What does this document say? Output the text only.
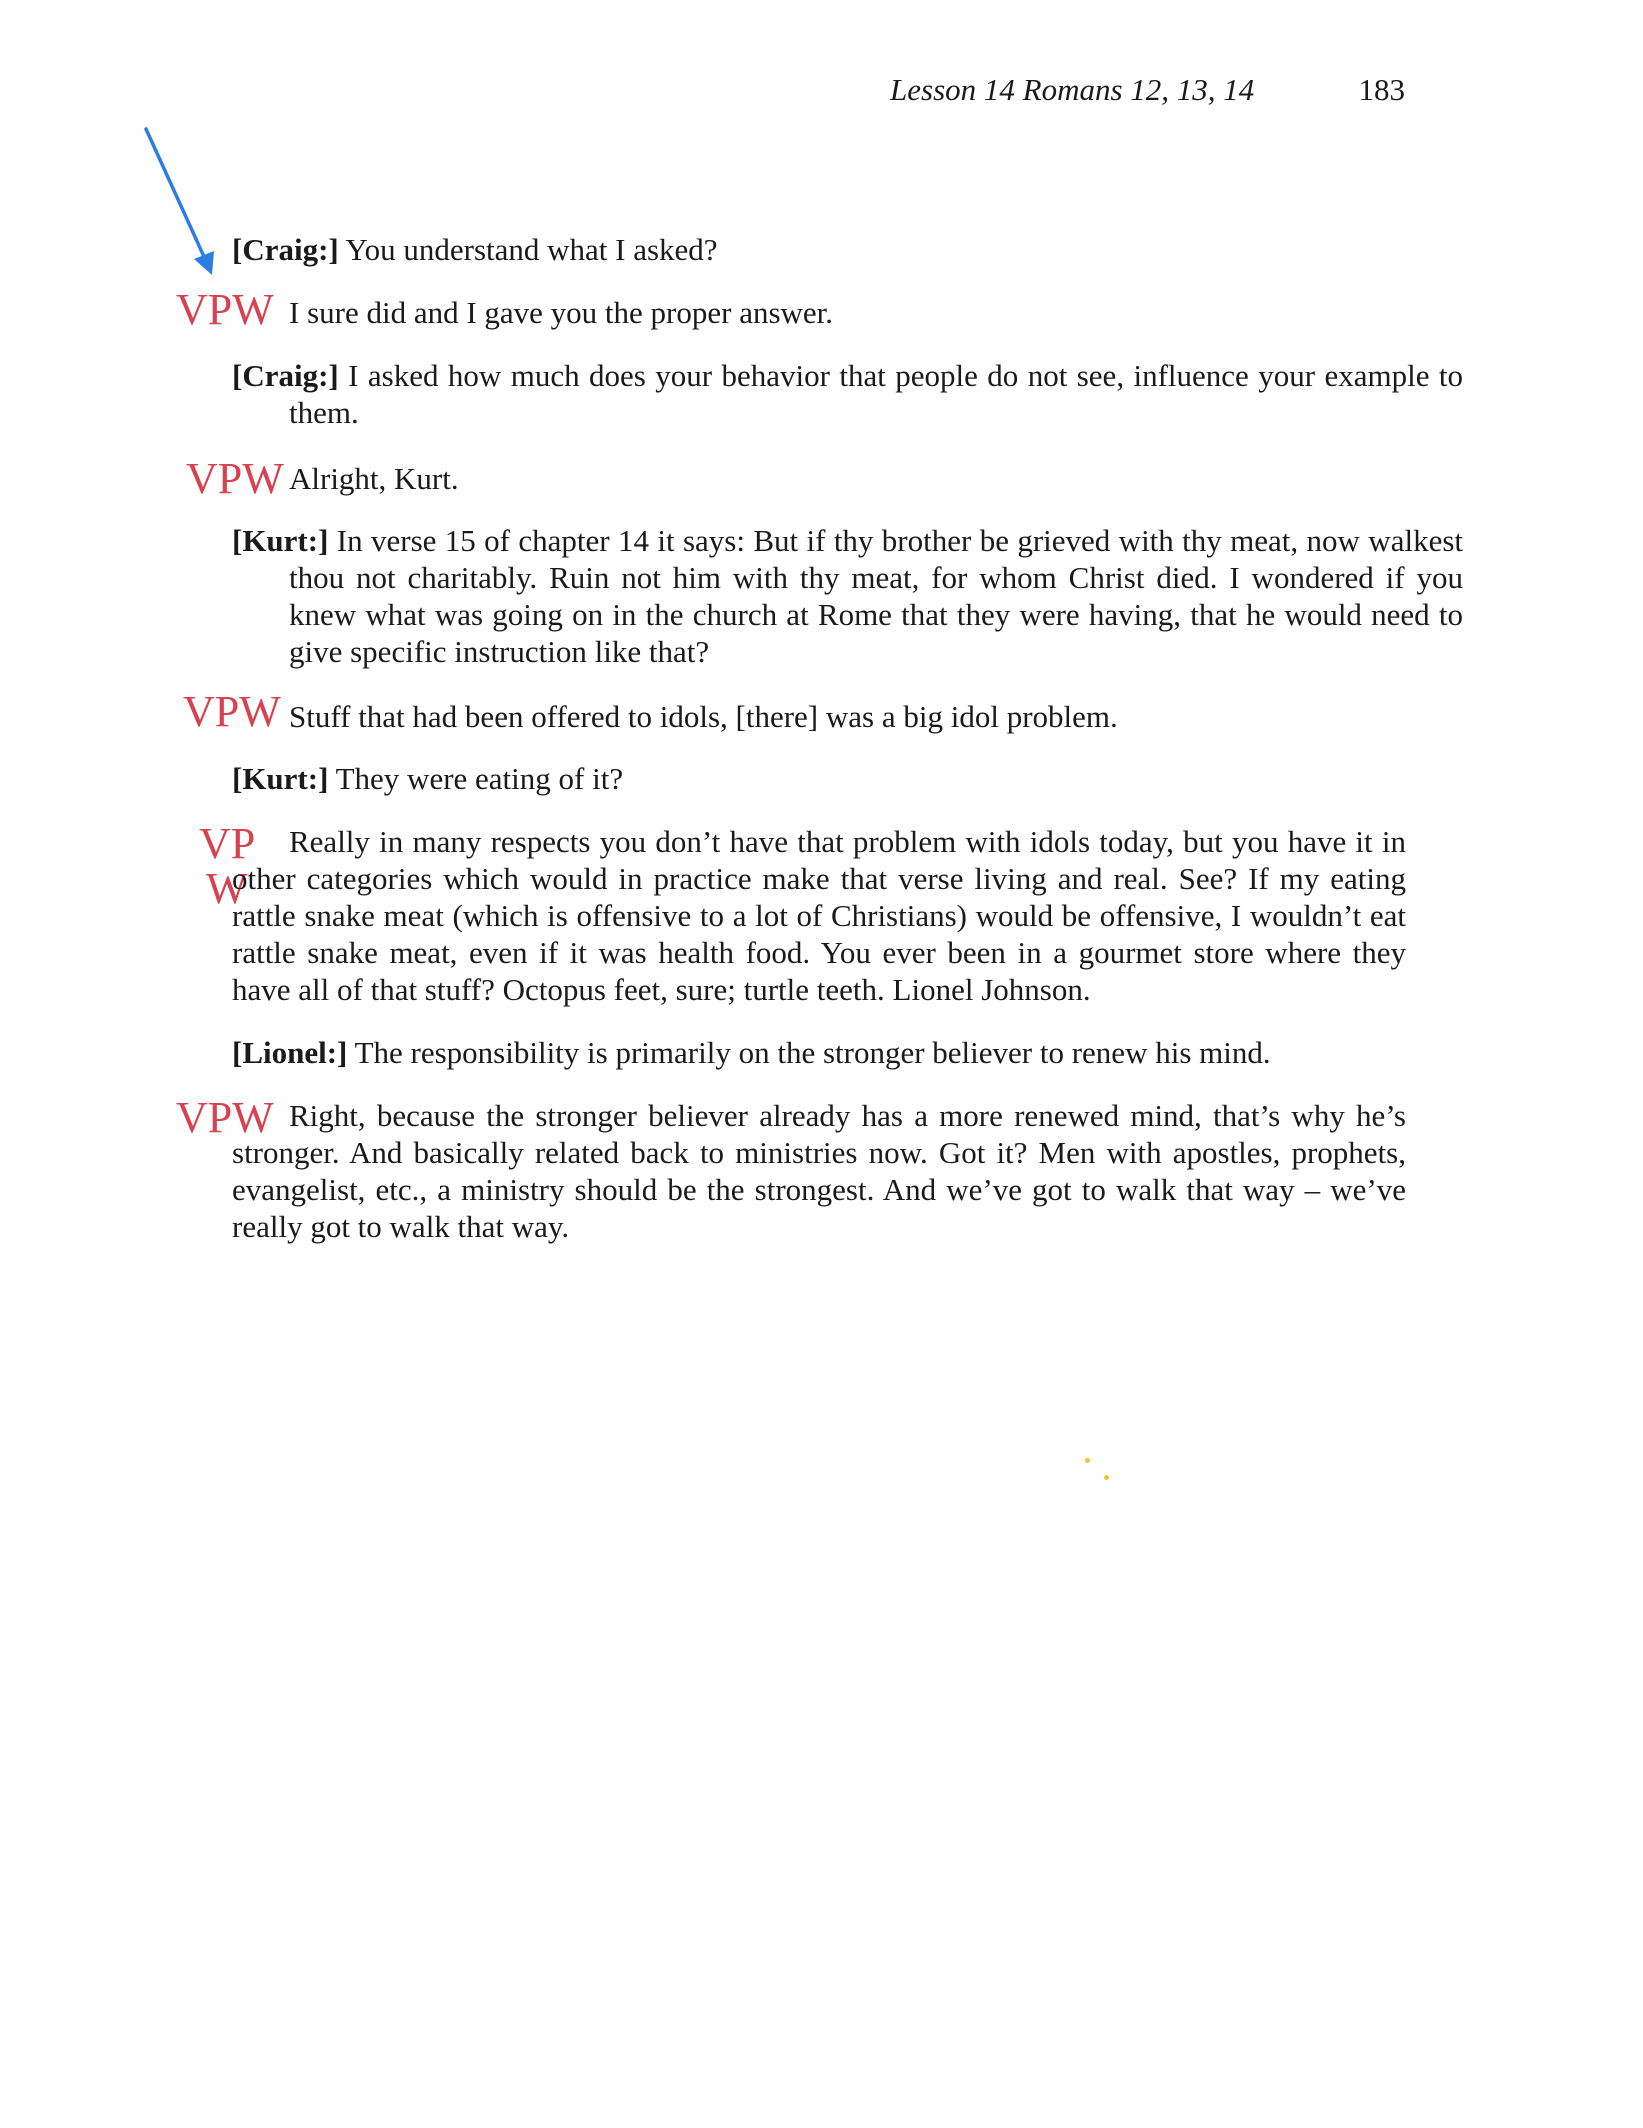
Lesson 14 Romans 12, 13, 14	183
[Craig:] You understand what I asked?
VPW I sure did and I gave you the proper answer.
[Craig:] I asked how much does your behavior that people do not see, influence your example to them.
VPW Alright, Kurt.
[Kurt:] In verse 15 of chapter 14 it says: But if thy brother be grieved with thy meat, now walkest thou not charitably. Ruin not him with thy meat, for whom Christ died. I wondered if you knew what was going on in the church at Rome that they were having, that he would need to give specific instruction like that?
VPW Stuff that had been offered to idols, [there] was a big idol problem.
[Kurt:] They were eating of it?
VP
W
Really in many respects you don’t have that problem with idols today, but you have it in other categories which would in practice make that verse living and real. See? If my eating rattle snake meat (which is offensive to a lot of Christians) would be offensive, I wouldn’t eat rattle snake meat, even if it was health food. You ever been in a gourmet store where they have all of that stuff? Octopus feet, sure; turtle teeth. Lionel Johnson.
[Lionel:] The responsibility is primarily on the stronger believer to renew his mind.
VPW Right, because the stronger believer already has a more renewed mind, that’s why he’s stronger. And basically related back to ministries now. Got it? Men with apostles, prophets, evangelist, etc., a ministry should be the strongest. And we’ve got to walk that way – we’ve really got to walk that way.
